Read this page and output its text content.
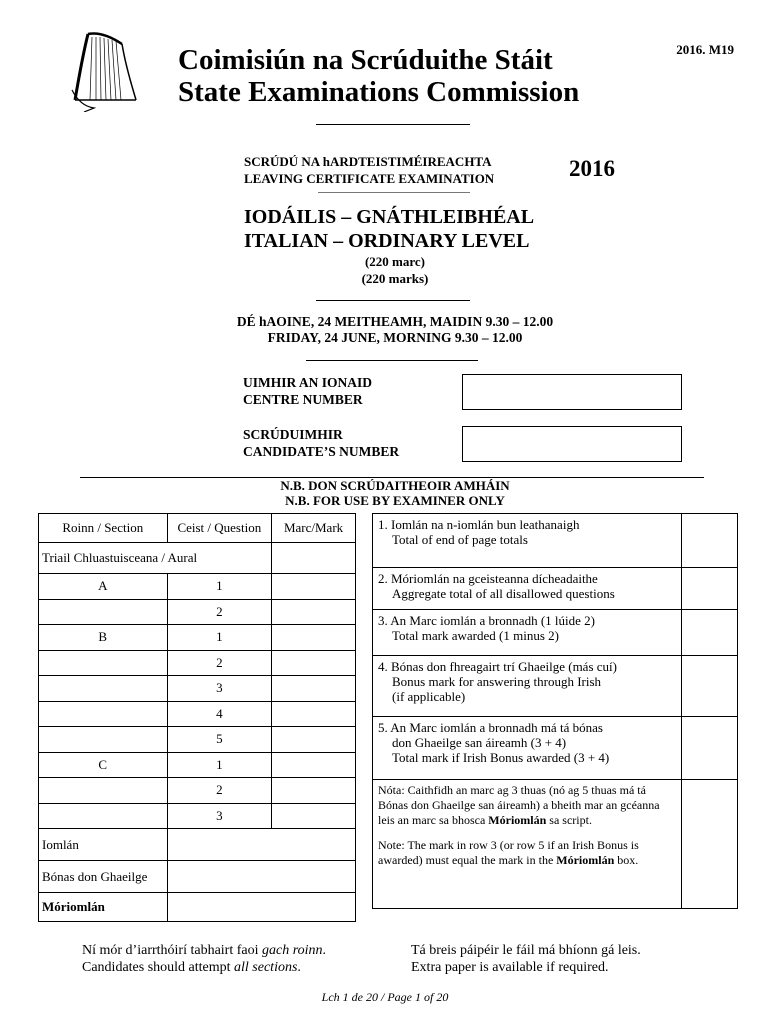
2016. M19
Coimisiún na Scrúduithe Stáit
State Examinations Commission
SCRÚDÚ NA hARDTEISTIMÉIREACHTA
LEAVING CERTIFICATE EXAMINATION	2016
IODÁILIS – GNÁTHLEIBHÉAL
ITALIAN – ORDINARY LEVEL
(220 marc)
(220 marks)
DÉ hAOINE, 24 MEITHEAMH, MAIDIN 9.30 – 12.00
FRIDAY, 24 JUNE, MORNING 9.30 – 12.00
UIMHIR AN IONAID
CENTRE NUMBER
SCRÚDUIMHIR
CANDIDATE’S NUMBER
N.B. DON SCRÚDAITHEOIR AMHÁIN
N.B. FOR USE BY EXAMINER ONLY
Roinn / Section	Ceist / Question	Marc/Mark
Triail Chluastuisceana / Aural		
A	1	
	2	
B	1	
	2	
	3	
	4	
	5	
C	1	
	2	
	3	
Iomlán		
Bónas don Ghaeilge		
Móriomlán		
1. Iomlán na n-iomlán bun leathanaigh
Total of end of page totals	

2. Móriomlán na gceisteanna dícheadaithe
Aggregate total of all disallowed questions	

3. An Marc iomlán a bronnadh (1 lúide 2)
Total mark awarded (1 minus 2)	

4. Bónas don fhreagairt trí Ghaeilge (más cuí)
Bonus mark for answering through Irish
(if applicable)	

5. An Marc iomlán a bronnadh má tá bónas
don Ghaeilge san áireamh (3 + 4)
Total mark if Irish Bonus awarded (3 + 4)	

Nóta: Caithfidh an marc ag 3 thuas (nó ag 5 thuas má tá Bónas don Ghaeilge san áireamh) a bheith mar an gcéanna leis an marc sa bhosca Móriomlán sa script.
Note: The mark in row 3 (or row 5 if an Irish Bonus is awarded) must equal the mark in the Móriomlán box.	

Ní mór d’iarrthóirí tabhairt faoi gach roinn.
Candidates should attempt all sections.
Tá breis páipéir le fáil má bhíonn gá leis.
Extra paper is available if required.
Lch 1 de 20 / Page 1 of 20
